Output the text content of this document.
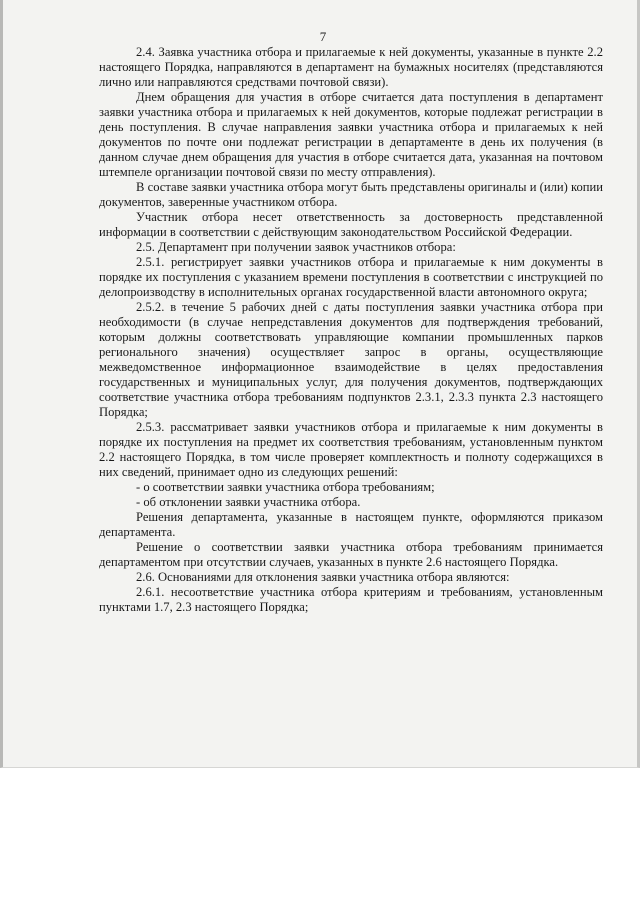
7

2.4. Заявка участника отбора и прилагаемые к ней документы, указанные в пункте 2.2 настоящего Порядка, направляются в департамент на бумажных носителях (представляются лично или направляются средствами почтовой связи).

Днем обращения для участия в отборе считается дата поступления в департамент заявки участника отбора и прилагаемых к ней документов, которые подлежат регистрации в день поступления. В случае направления заявки участника отбора и прилагаемых к ней документов по почте они подлежат регистрации в департаменте в день их получения (в данном случае днем обращения для участия в отборе считается дата, указанная на почтовом штемпеле организации почтовой связи по месту отправления).

В составе заявки участника отбора могут быть представлены оригиналы и (или) копии документов, заверенные участником отбора.

Участник отбора несет ответственность за достоверность представленной информации в соответствии с действующим законодательством Российской Федерации.

2.5. Департамент при получении заявок участников отбора:

2.5.1. регистрирует заявки участников отбора и прилагаемые к ним документы в порядке их поступления с указанием времени поступления в соответствии с инструкцией по делопроизводству в исполнительных органах государственной власти автономного округа;

2.5.2. в течение 5 рабочих дней с даты поступления заявки участника отбора при необходимости (в случае непредставления документов для подтверждения требований, которым должны соответствовать управляющие компании промышленных парков регионального значения) осуществляет запрос в органы, осуществляющие межведомственное информационное взаимодействие в целях предоставления государственных и муниципальных услуг, для получения документов, подтверждающих соответствие участника отбора требованиям подпунктов 2.3.1, 2.3.3 пункта 2.3 настоящего Порядка;

2.5.3. рассматривает заявки участников отбора и прилагаемые к ним документы в порядке их поступления на предмет их соответствия требованиям, установленным пунктом 2.2 настоящего Порядка, в том числе проверяет комплектность и полноту содержащихся в них сведений, принимает одно из следующих решений:

- о соответствии заявки участника отбора требованиям;

- об отклонении заявки участника отбора.

Решения департамента, указанные в настоящем пункте, оформляются приказом департамента.

Решение о соответствии заявки участника отбора требованиям принимается департаментом при отсутствии случаев, указанных в пункте 2.6 настоящего Порядка.

2.6. Основаниями для отклонения заявки участника отбора являются:

2.6.1. несоответствие участника отбора критериям и требованиям, установленным пунктами 1.7, 2.3 настоящего Порядка;
